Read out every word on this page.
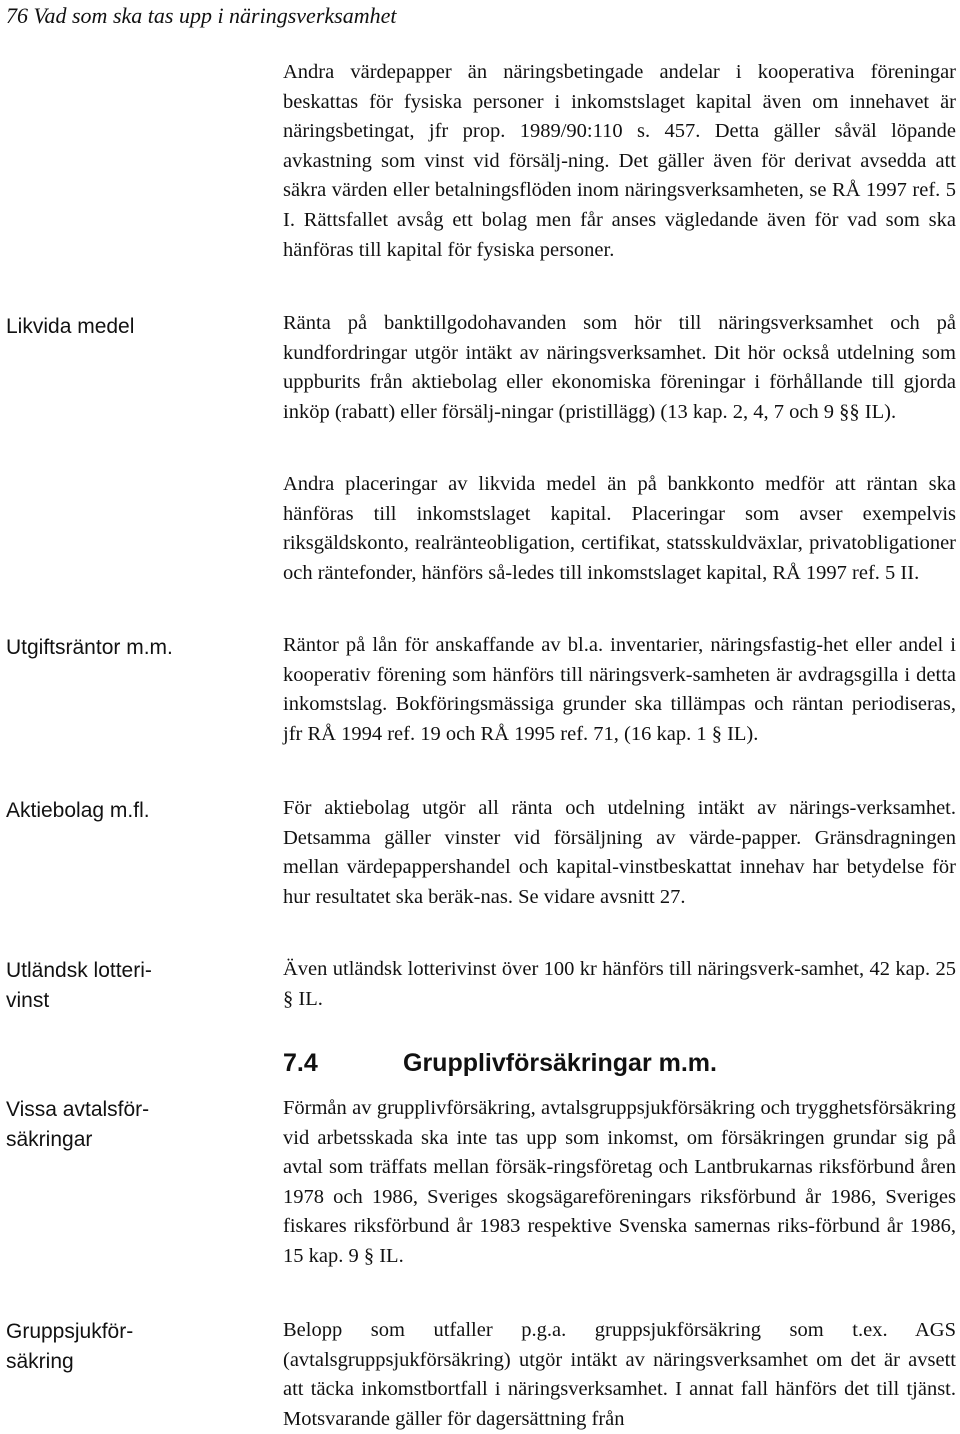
76 Vad som ska tas upp i näringsverksamhet
Likvida medel
Utgiftsräntor m.m.
Aktiebolag m.fl.
Utländsk lotteri-
vinst
Vissa avtalsför-
säkringar
Gruppsjukför-
säkring
Andra värdepapper än näringsbetingade andelar i kooperativa föreningar beskattas för fysiska personer i inkomstslaget kapital även om innehavet är näringsbetingat, jfr prop. 1989/90:110 s. 457. Detta gäller såväl löpande avkastning som vinst vid försälj-ning. Det gäller även för derivat avsedda att säkra värden eller betalningsflöden inom näringsverksamheten, se RÅ 1997 ref. 5 I. Rättsfallet avsåg ett bolag men får anses vägledande även för vad som ska hänföras till kapital för fysiska personer.
Ränta på banktillgodohavanden som hör till näringsverksamhet och på kundfordringar utgör intäkt av näringsverksamhet. Dit hör också utdelning som uppburits från aktiebolag eller ekonomiska föreningar i förhållande till gjorda inköp (rabatt) eller försälj-ningar (pristillägg) (13 kap. 2, 4, 7 och 9 §§ IL).
Andra placeringar av likvida medel än på bankkonto medför att räntan ska hänföras till inkomstslaget kapital. Placeringar som avser exempelvis riksgäldskonto, realränteobligation, certifikat, statsskuldväxlar, privatobligationer och räntefonder, hänförs så-ledes till inkomstslaget kapital, RÅ 1997 ref. 5 II.
Räntor på lån för anskaffande av bl.a. inventarier, näringsfastig-het eller andel i kooperativ förening som hänförs till näringsverk-samheten är avdragsgilla i detta inkomstslag. Bokföringsmässiga grunder ska tillämpas och räntan periodiseras, jfr RÅ 1994 ref. 19 och RÅ 1995 ref. 71, (16 kap. 1 § IL).
För aktiebolag utgör all ränta och utdelning intäkt av närings-verksamhet. Detsamma gäller vinster vid försäljning av värde-papper. Gränsdragningen mellan värdepappershandel och kapital-vinstbeskattat innehav har betydelse för hur resultatet ska beräk-nas. Se vidare avsnitt 27.
Även utländsk lotterivinst över 100 kr hänförs till näringsverk-samhet, 42 kap. 25 § IL.
7.4	Grupplivförsäkringar m.m.
Förmån av grupplivförsäkring, avtalsgruppsjukförsäkring och trygghetsförsäkring vid arbetsskada ska inte tas upp som inkomst, om försäkringen grundar sig på avtal som träffats mellan försäk-ringsföretag och Lantbrukarnas riksförbund åren 1978 och 1986, Sveriges skogsägareföreningars riksförbund år 1986, Sveriges fiskares riksförbund år 1983 respektive Svenska samernas riks-förbund år 1986, 15 kap. 9 § IL.
Belopp som utfaller p.g.a. gruppsjukförsäkring som t.ex. AGS (avtalsgruppsjukförsäkring) utgör intäkt av näringsverksamhet om det är avsett att täcka inkomstbortfall i näringsverksamhet. I annat fall hänförs det till tjänst. Motsvarande gäller för dagersättning från
